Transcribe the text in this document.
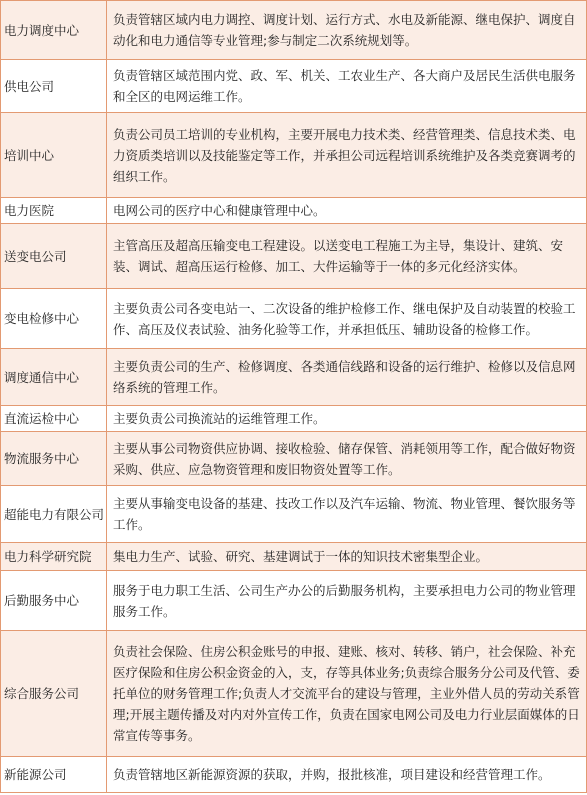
电力调度中心	负责管辖区域内电力调控、调度计划、运行方式、水电及新能源、继电保护、调度自动化和电力通信等专业管理;参与制定二次系统规划等。
供电公司	负责管辖区域范围内党、政、军、机关、工农业生产、各大商户及居民生活供电服务和全区的电网运维工作。
培训中心	负责公司员工培训的专业机构，主要开展电力技术类、经营管理类、信息技术类、电力资质类培训以及技能鉴定等工作，并承担公司远程培训系统维护及各类竞赛调考的组织工作。
电力医院	电网公司的医疗中心和健康管理中心。
送变电公司	主管高压及超高压输变电工程建设。以送变电工程施工为主导，集设计、建筑、安装、调试、超高压运行检修、加工、大件运输等于一体的多元化经济实体。
变电检修中心	主要负责公司各变电站一、二次设备的维护检修工作、继电保护及自动装置的校验工作、高压及仪表试验、油务化验等工作，并承担低压、辅助设备的检修工作。
调度通信中心	主要负责公司的生产、检修调度、各类通信线路和设备的运行维护、检修以及信息网络系统的管理工作。
直流运检中心	主要负责公司换流站的运维管理工作。
物流服务中心	主要从事公司物资供应协调、接收检验、储存保管、消耗领用等工作，配合做好物资采购、供应、应急物资管理和废旧物资处置等工作。
超能电力有限公司	主要从事输变电设备的基建、技改工作以及汽车运输、物流、物业管理、餐饮服务等工作。
电力科学研究院	集电力生产、试验、研究、基建调试于一体的知识技术密集型企业。
后勤服务中心	服务于电力职工生活、公司生产办公的后勤服务机构，主要承担电力公司的物业管理服务工作。
综合服务公司	负责社会保险、住房公积金账号的申报、建账、核对、转移、销户，社会保险、补充医疗保险和住房公积金资金的入，支，存等具体业务;负责综合服务分公司及代管、委托单位的财务管理工作;负责人才交流平台的建设与管理，主业外借人员的劳动关系管理;开展主题传播及对内对外宣传工作，负责在国家电网公司及电力行业层面媒体的日常宣传等事务。
新能源公司	负责管辖地区新能源资源的获取，并购，报批核准，项目建设和经营管理工作。
